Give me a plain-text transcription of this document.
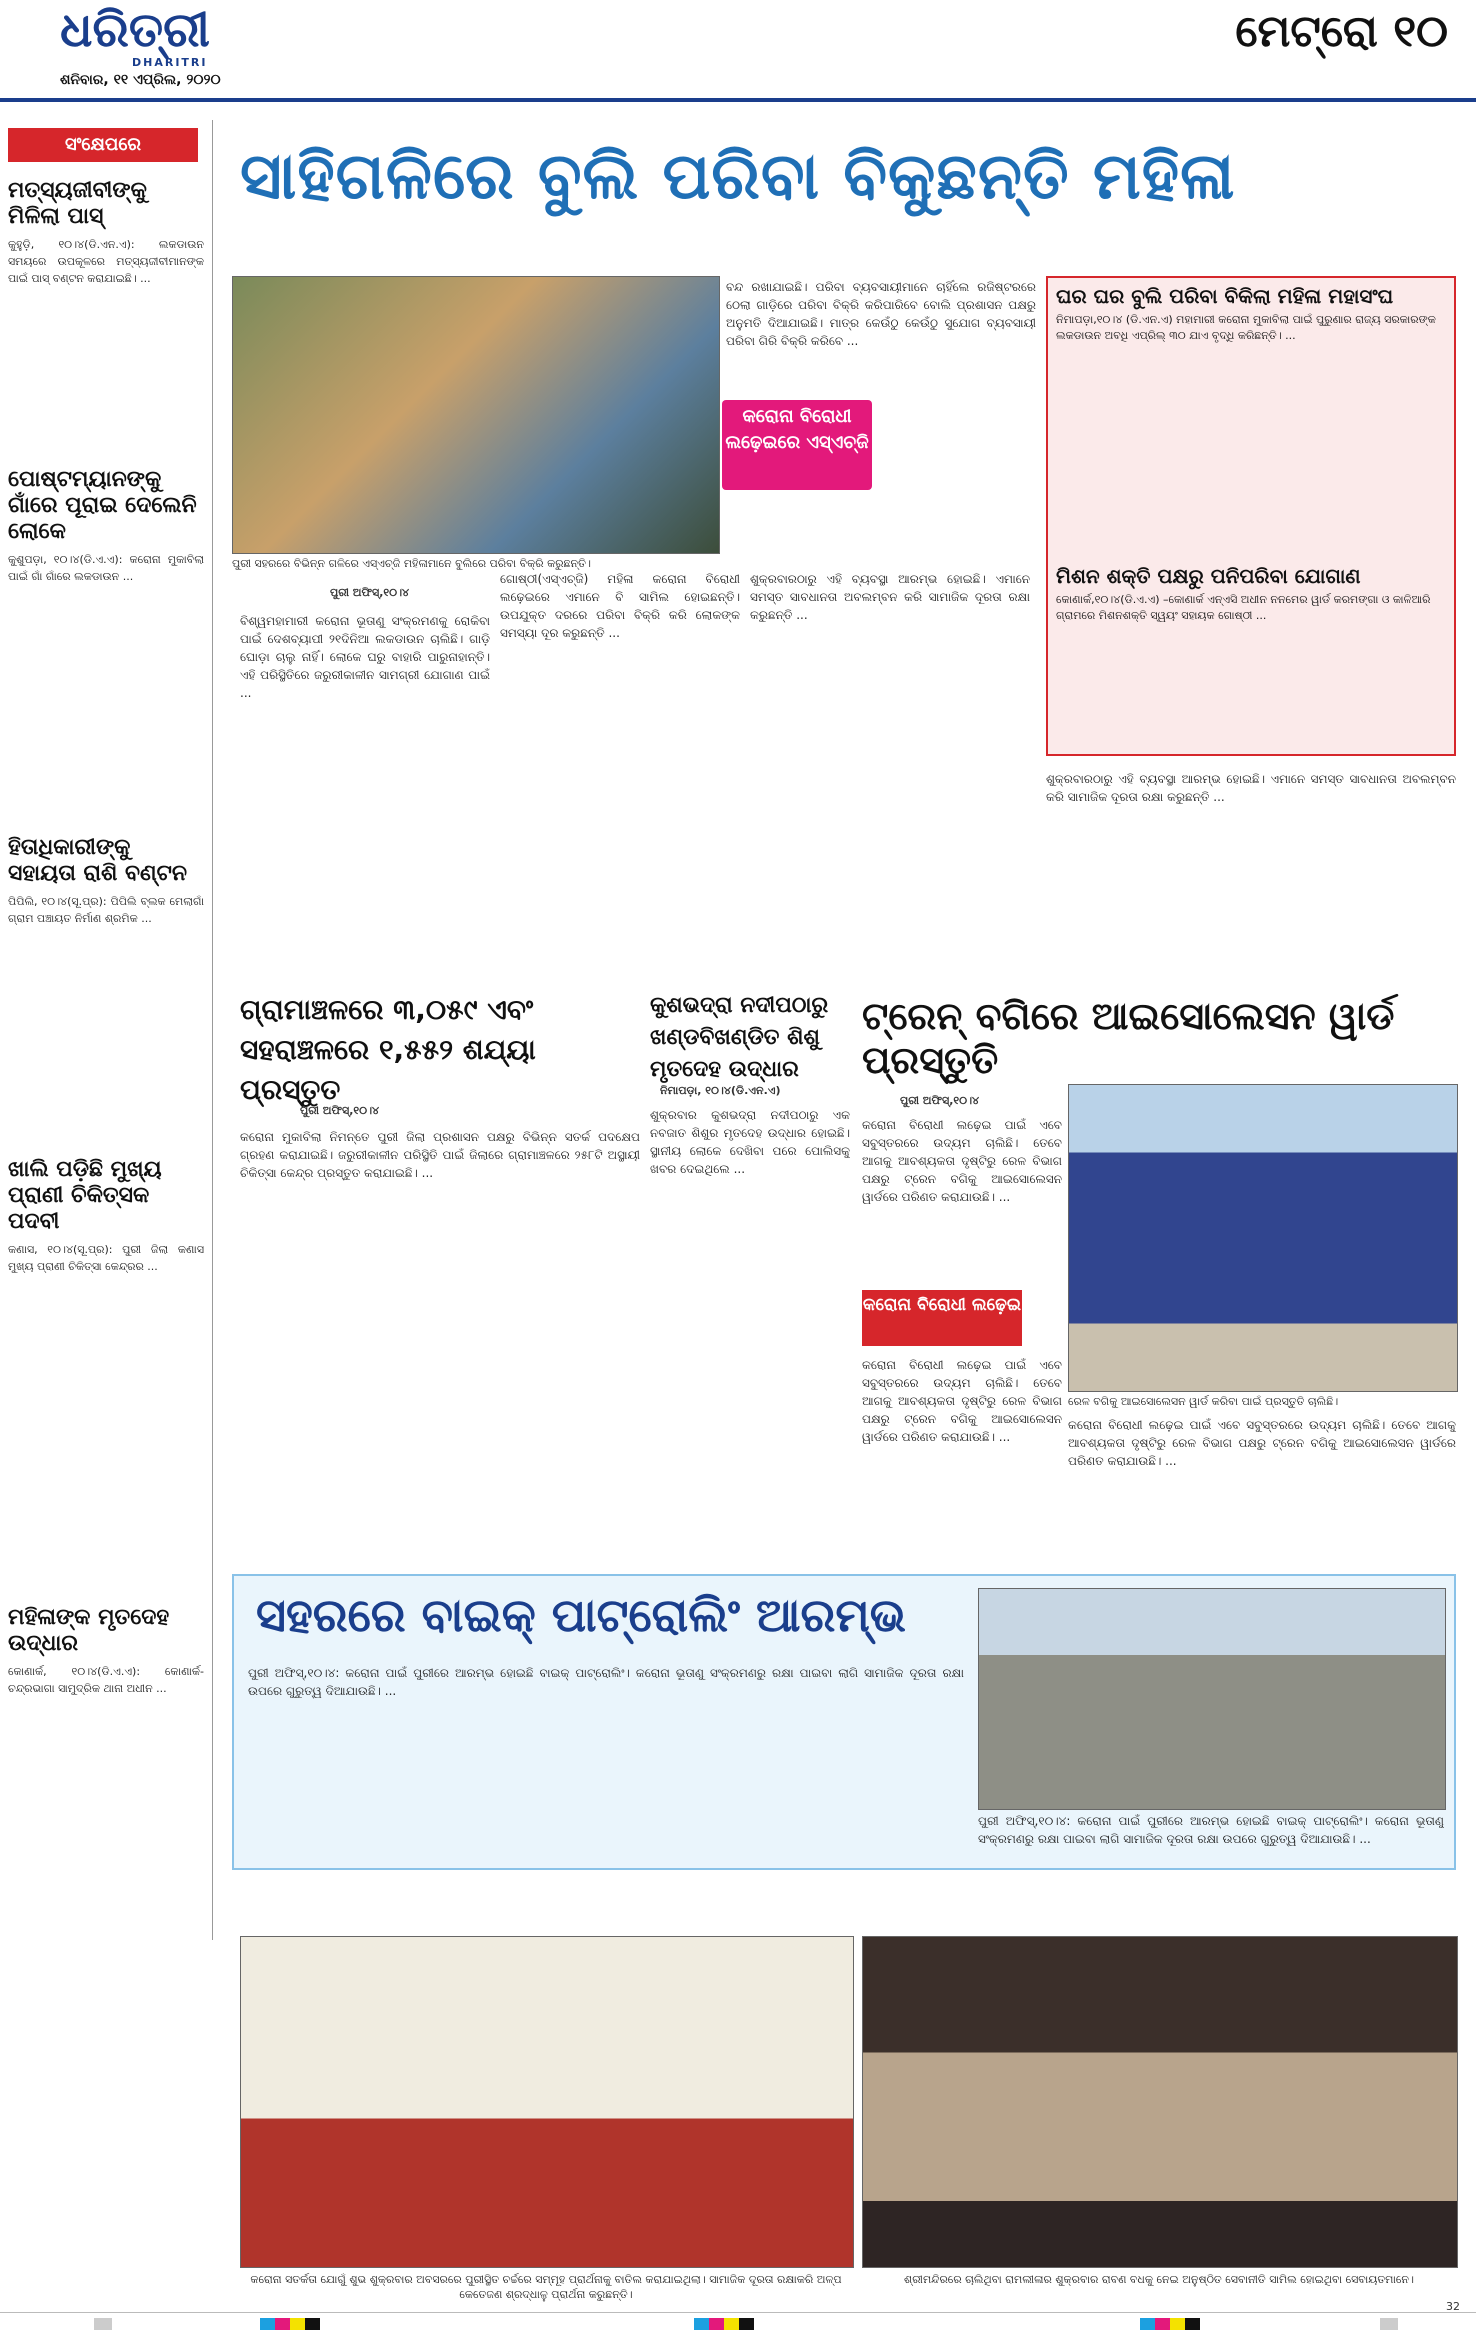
ଧରିତ୍ରୀ
DHARITRI
ଶନିବାର, ୧୧ ଏପ୍ରିଲ, ୨୦୨୦
ମେଟ୍ରୋ ୧୦
ସଂକ୍ଷେପରେ
ମତ୍ସ୍ୟଜୀବୀଙ୍କୁ ମିଳିଲା ପାସ୍

କୁହୁଡ଼ି, ୧୦।୪(ଡି.ଏନ.ଏ): ଲକଡାଉନ ସମୟରେ ଉପକୂଳରେ ମତ୍ସ୍ୟଜୀବୀମାନଙ୍କ ପାଇଁ ପାସ୍ ବଣ୍ଟନ କରାଯାଇଛି। ...

ପୋଷ୍ଟମ୍ୟାନଙ୍କୁ ଗାଁରେ ପୂରାଇ ଦେଲେନି ଲୋକେ

କୁଶୁପଡ଼ା, ୧୦।୪(ଡି.ଏ.ଏ): କରୋନା ମୁକାବିଲା ପାଇଁ ଗାଁ ଗାଁରେ ଲକଡାଉନ ...

ହିତାଧିକାରୀଙ୍କୁ ସହାୟତା ରାଶି ବଣ୍ଟନ

ପିପିଲି, ୧୦।୪(ସୂ.ପ୍ର): ପିପିଲି ବ୍ଲକ ମେଲାଗାଁ ଗ୍ରାମ ପଞ୍ଚାୟତ ନିର୍ମାଣ ଶ୍ରମିକ ...

ଖାଲି ପଡ଼ିଛି ମୁଖ୍ୟ ପ୍ରାଣୀ ଚିକିତ୍ସକ ପଦବୀ

କଣାସ, ୧୦।୪(ସୂ.ପ୍ର): ପୁରୀ ଜିଲା କଣାସ ମୁଖ୍ୟ ପ୍ରାଣୀ ଚିକିତ୍ସା କେନ୍ଦ୍ରର ...

ମହିଳାଙ୍କ ମୃତଦେହ ଉଦ୍ଧାର

କୋଣାର୍କ, ୧୦।୪(ଡି.ଏ.ଏ): କୋଣାର୍କ-ଚନ୍ଦ୍ରଭାଗା ସାମୁଦ୍ରିକ ଥାନା ଅଧୀନ ...

ସାହିଗଳିରେ ବୁଲି ପରିବା ବିକୁଛନ୍ତି ମହିଳା
ପୁରୀ ସହରରେ ବିଭିନ୍ନ ଗଳିରେ ଏସ୍ଏଚ୍‌ଜି ମହିଳାମାନେ ବୁଲିରେ ପରିବା ବିକ୍ରି କରୁଛନ୍ତି।
ବନ୍ଦ ରଖାଯାଇଛି। ପରିବା ବ୍ୟବସାୟୀମାନେ ଚାହିଁଲେ ରଜିଷ୍ଟରରେ ଠେଲା ଗାଡ଼ିରେ ପରିବା ବିକ୍ରି କରିପାରିବେ ବୋଲି ପ୍ରଶାସନ ପକ୍ଷରୁ ଅନୁମତି ଦିଆଯାଇଛି। ମାତ୍ର କେଉଁଠୁ କେଉଁଠୁ ସୁଯୋଗ ବ୍ୟବସାୟୀ ପରିବା ଗିରି ବିକ୍ରି କରିବେ ...
କରୋନା ବିରୋଧୀ ଲଢ଼େଇରେ ଏସ୍ଏଚ୍‌ଜି
ପୁରୀ ଅଫିସ୍,୧୦।୪
ବିଶ୍ୱମହାମାରୀ କରୋନା ଭୂତାଣୁ ସଂକ୍ରମଣକୁ ରୋକିବା ପାଇଁ ଦେଶବ୍ୟାପୀ ୨୧ଦିନିଆ ଲକଡାଉନ ଚାଲିଛି। ଗାଡ଼ି ଘୋଡ଼ା ଚାଲୁ ନାହିଁ। ଲୋକେ ଘରୁ ବାହାରି ପାରୁନାହାନ୍ତି। ଏହି ପରିସ୍ଥିତିରେ ଜରୁରୀକାଳୀନ ସାମଗ୍ରୀ ଯୋଗାଣ ପାଇଁ ...
ଗୋଷ୍ଠୀ(ଏସ୍ଏଚ୍‌ଜି) ମହିଳା କରୋନା ବିରୋଧୀ ଲଢ଼େଇରେ ଏମାନେ ବି ସାମିଲ ହୋଇଛନ୍ତି। ଉପଯୁକ୍ତ ଦରରେ ପରିବା ବିକ୍ରି କରି ଲୋକଙ୍କ ସମସ୍ୟା ଦୂର କରୁଛନ୍ତି ...
ଶୁକ୍ରବାରଠାରୁ ଏହି ବ୍ୟବସ୍ଥା ଆରମ୍ଭ ହୋଇଛି। ଏମାନେ ସମସ୍ତ ସାବଧାନତା ଅବଲମ୍ବନ କରି ସାମାଜିକ ଦୂରତା ରକ୍ଷା କରୁଛନ୍ତି ...
ଘର ଘର ବୁଲି ପରିବା ବିକିଲା ମହିଳା ମହାସଂଘ

ନିମାପଡ଼ା,୧୦।୪ (ଡି.ଏନ.ଏ) ମହାମାରୀ କରୋନା ମୁକାବିଲା ପାଇଁ ପୁରୁଣାର ରାଜ୍ୟ ସରକାରଙ୍କ ଲକଡାଉନ ଅବଧି ଏପ୍ରିଲ୍ ୩୦ ଯାଏ ବୃଦ୍ଧି କରିଛନ୍ତି। ...

ମିଶନ ଶକ୍ତି ପକ୍ଷରୁ ପନିପରିବା ଯୋଗାଣ

କୋଣାର୍କ,୧୦।୪(ଡି.ଏ.ଏ) –କୋଣାର୍କ ଏନ୍‌ଏସି ଅଧୀନ ନନମେର ୱାର୍ଡ କରମଙ୍ଗା ଓ କାଳିଆରି ଗ୍ରାମରେ ମିଶନଶକ୍ତି ସ୍ୱୟଂ ସହାୟକ ଗୋଷ୍ଠୀ ...

ଶୁକ୍ରବାରଠାରୁ ଏହି ବ୍ୟବସ୍ଥା ଆରମ୍ଭ ହୋଇଛି। ଏମାନେ ସମସ୍ତ ସାବଧାନତା ଅବଲମ୍ବନ କରି ସାମାଜିକ ଦୂରତା ରକ୍ଷା କରୁଛନ୍ତି ...
ଗ୍ରାମାଞ୍ଚଳରେ ୩,୦୫୯ ଏବଂ ସହରାଞ୍ଚଳରେ ୧,୫୫୨ ଶଯ୍ୟା ପ୍ରସ୍ତୁତ
ପୁରୀ ଅଫିସ୍,୧୦।୪
କରୋନା ମୁକାବିଲା ନିମନ୍ତେ ପୁରୀ ଜିଲା ପ୍ରଶାସନ ପକ୍ଷରୁ ବିଭିନ୍ନ ସତର୍କ ପଦକ୍ଷେପ ଗ୍ରହଣ କରାଯାଇଛି। ଜରୁରୀକାଳୀନ ପରିସ୍ଥିତି ପାଇଁ ଜିଲାରେ ଗ୍ରାମାଞ୍ଚଳରେ ୨୫୮ଟି ଅସ୍ଥାୟୀ ଚିକିତ୍ସା କେନ୍ଦ୍ର ପ୍ରସ୍ତୁତ କରାଯାଇଛି। ...
କୁଶଭଦ୍ରା ନଦୀପଠାରୁ ଖଣ୍ଡବିଖଣ୍ଡିତ ଶିଶୁ ମୃତଦେହ ଉଦ୍ଧାର
ନିମାପଡ଼ା, ୧୦।୪(ଡି.ଏନ.ଏ)
ଶୁକ୍ରବାର କୁଶଭଦ୍ରା ନଦୀପଠାରୁ ଏକ ନବଜାତ ଶିଶୁର ମୃତଦେହ ଉଦ୍ଧାର ହୋଇଛି। ସ୍ଥାନୀୟ ଲୋକେ ଦେଖିବା ପରେ ପୋଲିସକୁ ଖବର ଦେଇଥିଲେ ...
ଟ୍ରେନ୍ ବଗିରେ ଆଇସୋଲେସନ ୱାର୍ଡ ପ୍ରସ୍ତୁତି
ପୁରୀ ଅଫିସ୍,୧୦।୪
କରୋନା ବିରୋଧୀ ଲଢ଼େଇ ପାଇଁ ଏବେ ସବୁସ୍ତରରେ ଉଦ୍ୟମ ଚାଲିଛି। ତେବେ ଆଗକୁ ଆବଶ୍ୟକତା ଦୃଷ୍ଟିରୁ ରେଳ ବିଭାଗ ପକ୍ଷରୁ ଟ୍ରେନ ବଗିକୁ ଆଇସୋଲେସନ ୱାର୍ଡରେ ପରିଣତ କରାଯାଉଛି। ...
କରୋନା ବିରୋଧୀ ଲଢ଼େଇ
ରେଳ ବଗିକୁ ଆଇସୋଲେସନ ୱାର୍ଡ କରିବା ପାଇଁ ପ୍ରସ୍ତୁତି ଚାଲିଛି।
କରୋନା ବିରୋଧୀ ଲଢ଼େଇ ପାଇଁ ଏବେ ସବୁସ୍ତରରେ ଉଦ୍ୟମ ଚାଲିଛି। ତେବେ ଆଗକୁ ଆବଶ୍ୟକତା ଦୃଷ୍ଟିରୁ ରେଳ ବିଭାଗ ପକ୍ଷରୁ ଟ୍ରେନ ବଗିକୁ ଆଇସୋଲେସନ ୱାର୍ଡରେ ପରିଣତ କରାଯାଉଛି। ...
କରୋନା ବିରୋଧୀ ଲଢ଼େଇ ପାଇଁ ଏବେ ସବୁସ୍ତରରେ ଉଦ୍ୟମ ଚାଲିଛି। ତେବେ ଆଗକୁ ଆବଶ୍ୟକତା ଦୃଷ୍ଟିରୁ ରେଳ ବିଭାଗ ପକ୍ଷରୁ ଟ୍ରେନ ବଗିକୁ ଆଇସୋଲେସନ ୱାର୍ଡରେ ପରିଣତ କରାଯାଉଛି। ...
ସହରରେ ବାଇକ୍ ପାଟ୍ରୋଲିଂ ଆରମ୍ଭ
ପୁରୀ ଅଫିସ୍,୧୦।୪: କରୋନା ପାଇଁ ପୁରୀରେ ଆରମ୍ଭ ହୋଇଛି ବାଇକ୍ ପାଟ୍ରୋଲିଂ। କରୋନା ଭୂତାଣୁ ସଂକ୍ରମଣରୁ ରକ୍ଷା ପାଇବା ଲାଗି ସାମାଜିକ ଦୂରତା ରକ୍ଷା ଉପରେ ଗୁରୁତ୍ୱ ଦିଆଯାଉଛି। ...
ପୁରୀ ଅଫିସ୍,୧୦।୪: କରୋନା ପାଇଁ ପୁରୀରେ ଆରମ୍ଭ ହୋଇଛି ବାଇକ୍ ପାଟ୍ରୋଲିଂ। କରୋନା ଭୂତାଣୁ ସଂକ୍ରମଣରୁ ରକ୍ଷା ପାଇବା ଲାଗି ସାମାଜିକ ଦୂରତା ରକ୍ଷା ଉପରେ ଗୁରୁତ୍ୱ ଦିଆଯାଉଛି। ...
କରୋନା ସତର୍କତା ଯୋଗୁଁ ଶୁଭ ଶୁକ୍ରବାର ଅବସରରେ ପୁରୀସ୍ଥିତ ଚର୍ଚ୍ଚରେ ସମ୍ମୂହ ପ୍ରାର୍ଥନାକୁ ବାତିଲ କରାଯାଇଥିଲା। ସାମାଜିକ ଦୂରତା ରକ୍ଷାକରି ଅଳ୍ପ କେତେଜଣ ଶ୍ରଦ୍ଧାଳୁ ପ୍ରାର୍ଥନା କରୁଛନ୍ତି।
ଶ୍ରୀମନ୍ଦିରରେ ଚାଲିଥିବା ରାମଲୀଳାର ଶୁକ୍ରବାର ରାବଣ ବଧକୁ ନେଇ ଅନୁଷ୍ଠିତ ସେବାନୀତି ସାମିଲ ହୋଇଥିବା ସେବାୟତମାନେ।
32
